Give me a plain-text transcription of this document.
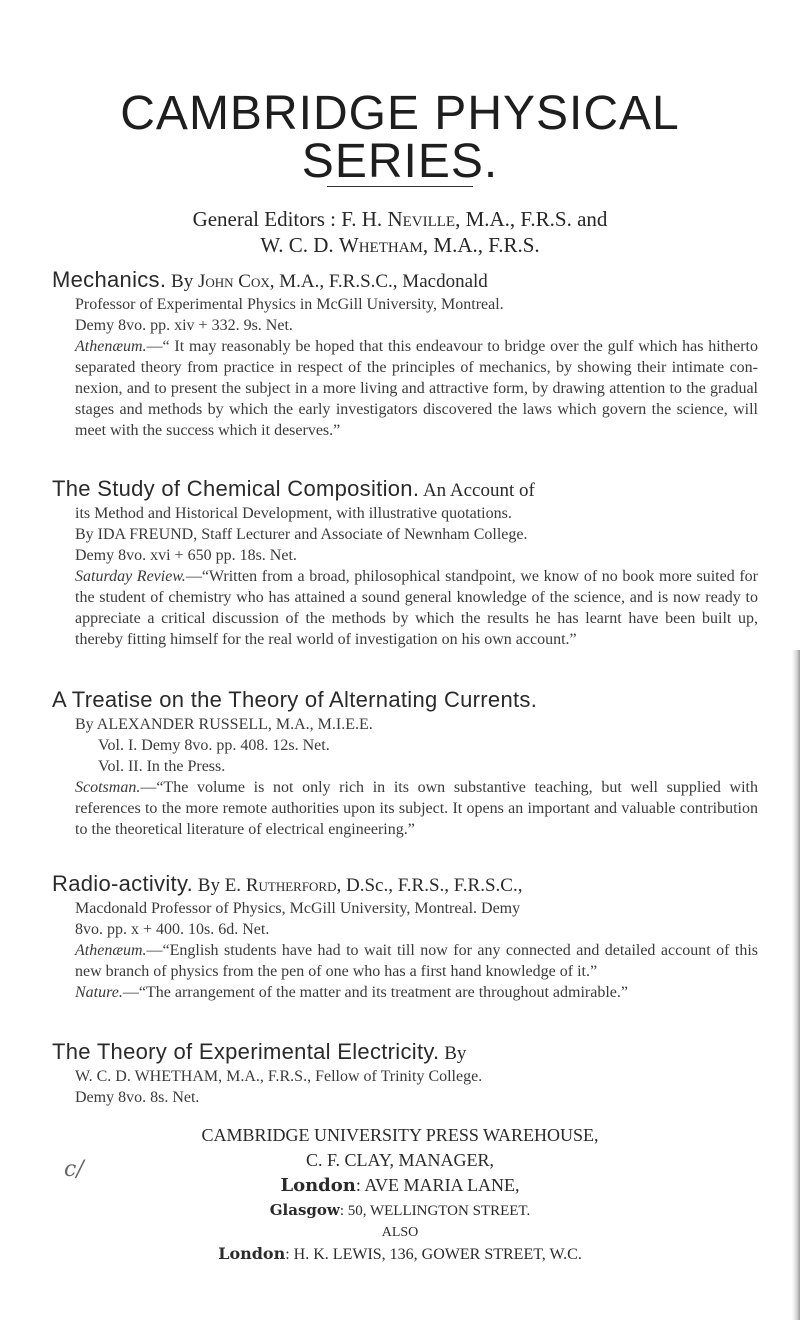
CAMBRIDGE PHYSICAL
SERIES.
General Editors : F. H. Neville, M.A., F.R.S. and
W. C. D. Whetham, M.A., F.R.S.
Mechanics. By John Cox, M.A., F.R.S.C., Macdonald
Professor of Experimental Physics in McGill University, Montreal.
Demy 8vo. pp. xiv + 332. 9s. Net.
Athenæum.—“ It may reasonably be hoped that this endeavour to bridge over the gulf which has hitherto separated theory from practice in respect of the principles of mechanics, by showing their intimate con-nexion, and to present the subject in a more living and attractive form, by drawing attention to the gradual stages and methods by which the early investigators discovered the laws which govern the science, will meet with the success which it deserves.”
The Study of Chemical Composition. An Account of
its Method and Historical Development, with illustrative quotations.
By IDA FREUND, Staff Lecturer and Associate of Newnham College.
Demy 8vo. xvi + 650 pp. 18s. Net.
Saturday Review.—“Written from a broad, philosophical standpoint, we know of no book more suited for the student of chemistry who has attained a sound general knowledge of the science, and is now ready to appreciate a critical discussion of the methods by which the results he has learnt have been built up, thereby fitting himself for the real world of investigation on his own account.”
A Treatise on the Theory of Alternating Currents.
By ALEXANDER RUSSELL, M.A., M.I.E.E.
Vol. I. Demy 8vo. pp. 408. 12s. Net.
Vol. II. In the Press.
Scotsman.—“The volume is not only rich in its own substantive teaching, but well supplied with references to the more remote authorities upon its subject. It opens an important and valuable contribution to the theoretical literature of electrical engineering.”
Radio-activity. By E. Rutherford, D.Sc., F.R.S., F.R.S.C.,
Macdonald Professor of Physics, McGill University, Montreal. Demy
8vo. pp. x + 400. 10s. 6d. Net.
Athenæum.—“English students have had to wait till now for any connected and detailed account of this new branch of physics from the pen of one who has a first hand knowledge of it.”
Nature.—“The arrangement of the matter and its treatment are throughout admirable.”
The Theory of Experimental Electricity. By
W. C. D. WHETHAM, M.A., F.R.S., Fellow of Trinity College.
Demy 8vo. 8s. Net.
CAMBRIDGE UNIVERSITY PRESS WAREHOUSE,
C. F. CLAY, MANAGER,
London: AVE MARIA LANE,
Glasgow: 50, WELLINGTON STREET.
ALSO
London: H. K. LEWIS, 136, GOWER STREET, W.C.
c/
